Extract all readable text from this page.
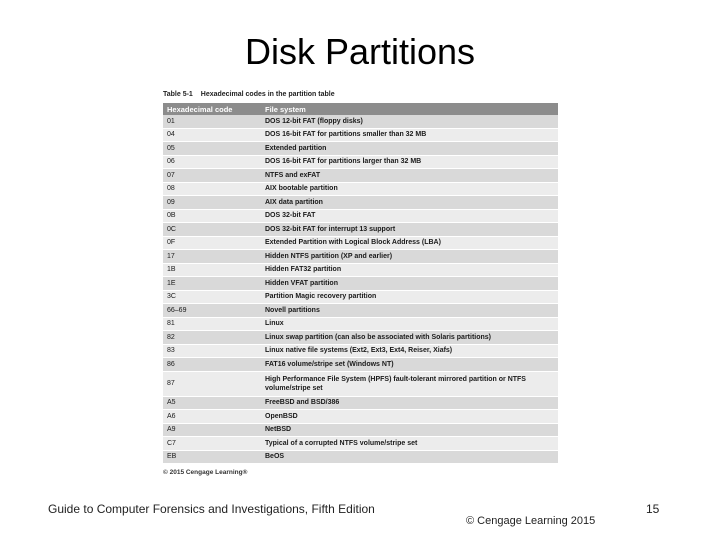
Disk Partitions
Table 5-1 Hexadecimal codes in the partition table
Hexadecimal code	File system
01	DOS 12-bit FAT (floppy disks)
04	DOS 16-bit FAT for partitions smaller than 32 MB
05	Extended partition
06	DOS 16-bit FAT for partitions larger than 32 MB
07	NTFS and exFAT
08	AIX bootable partition
09	AIX data partition
0B	DOS 32-bit FAT
0C	DOS 32-bit FAT for interrupt 13 support
0F	Extended Partition with Logical Block Address (LBA)
17	Hidden NTFS partition (XP and earlier)
1B	Hidden FAT32 partition
1E	Hidden VFAT partition
3C	Partition Magic recovery partition
66–69	Novell partitions
81	Linux
82	Linux swap partition (can also be associated with Solaris partitions)
83	Linux native file systems (Ext2, Ext3, Ext4, Reiser, Xiafs)
86	FAT16 volume/stripe set (Windows NT)
87	High Performance File System (HPFS) fault-tolerant mirrored partition or NTFS volume/stripe set
A5	FreeBSD and BSD/386
A6	OpenBSD
A9	NetBSD
C7	Typical of a corrupted NTFS volume/stripe set
EB	BeOS
© 2015 Cengage Learning®
Guide to Computer Forensics and Investigations, Fifth Edition
© Cengage Learning 2015
15
